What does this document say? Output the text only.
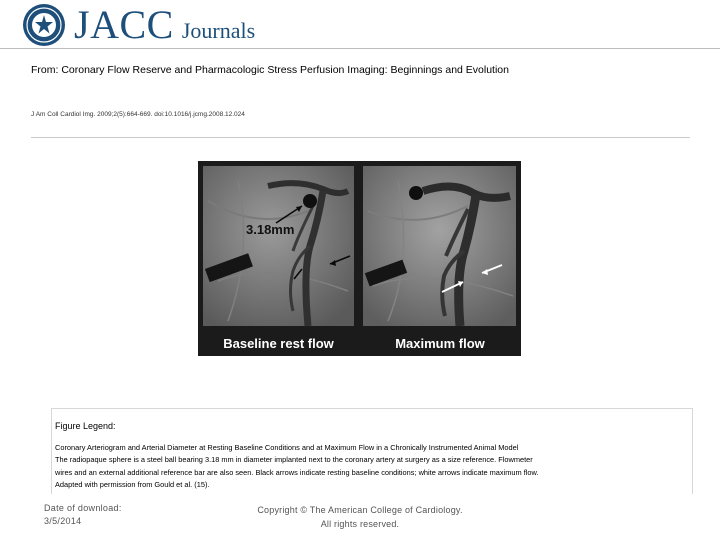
JACC Journals
From: Coronary Flow Reserve and Pharmacologic Stress Perfusion Imaging: Beginnings and Evolution
J Am Coll Cardiol Img. 2009;2(5):664-669. doi:10.1016/j.jcmg.2008.12.024
3.18mm
Baseline rest flow	Maximum flow
Figure Legend:
Coronary Arteriogram and Arterial Diameter at Resting Baseline Conditions and at Maximum Flow in a Chronically Instrumented Animal Model
The radiopaque sphere is a steel ball bearing 3.18 mm in diameter implanted next to the coronary artery at surgery as a size reference. Flowmeter
wires and an external additional reference bar are also seen. Black arrows indicate resting baseline conditions; white arrows indicate maximum flow.
Adapted with permission from Gould et al. (15).
Date of download:
3/5/2014
Copyright © The American College of Cardiology.
All rights reserved.
